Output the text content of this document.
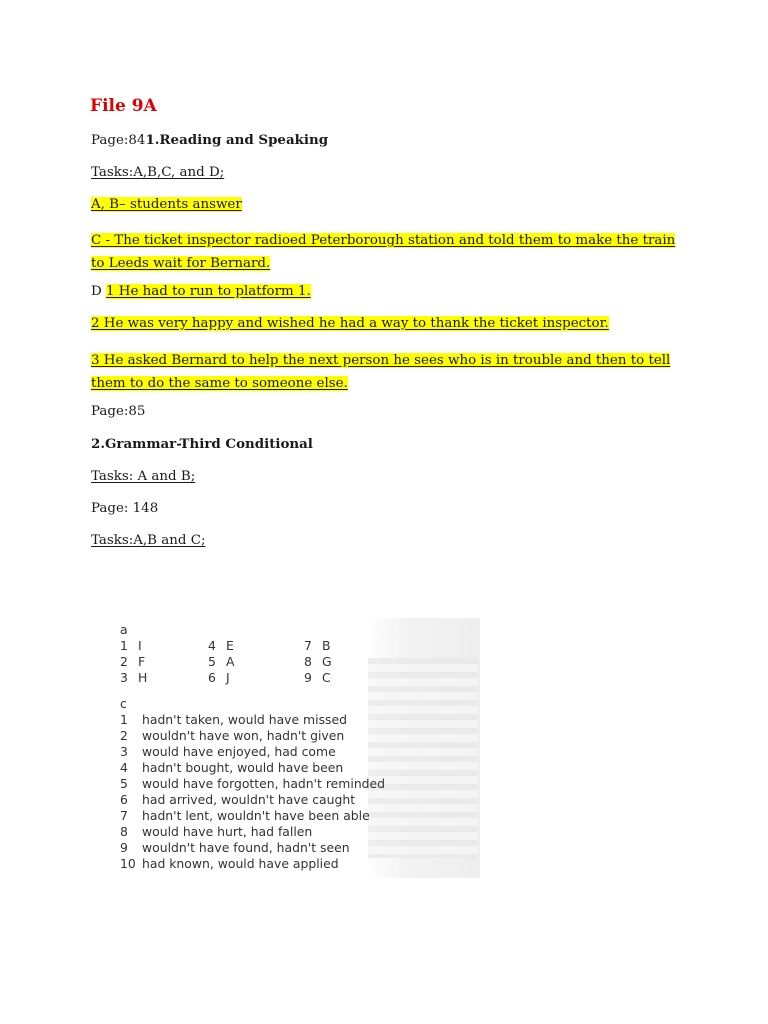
File 9A
Page:841.Reading and Speaking
Tasks:A,B,C, and D;
A, B– students answer
C - The ticket inspector radioed Peterborough station and told them to make the train to Leeds wait for Bernard.
D 1 He had to run to platform 1.
2 He was very happy and wished he had a way to thank the ticket inspector.
3 He asked Bernard to help the next person he sees who is in trouble and then to tell them to do the same to someone else.
Page:85
2.Grammar-Third Conditional
Tasks: A and B;
Page: 148
Tasks:A,B and C;
a
1 I
2 F
3 H
4 E
5 A
6 J
7 B
8 G
9 C
c
1 hadn't taken, would have missed
2 wouldn't have won, hadn't given
3 would have enjoyed, had come
4 hadn't bought, would have been
5 would have forgotten, hadn't reminded
6 had arrived, wouldn't have caught
7 hadn't lent, wouldn't have been able
8 would have hurt, had fallen
9 wouldn't have found, hadn't seen
10 had known, would have applied
